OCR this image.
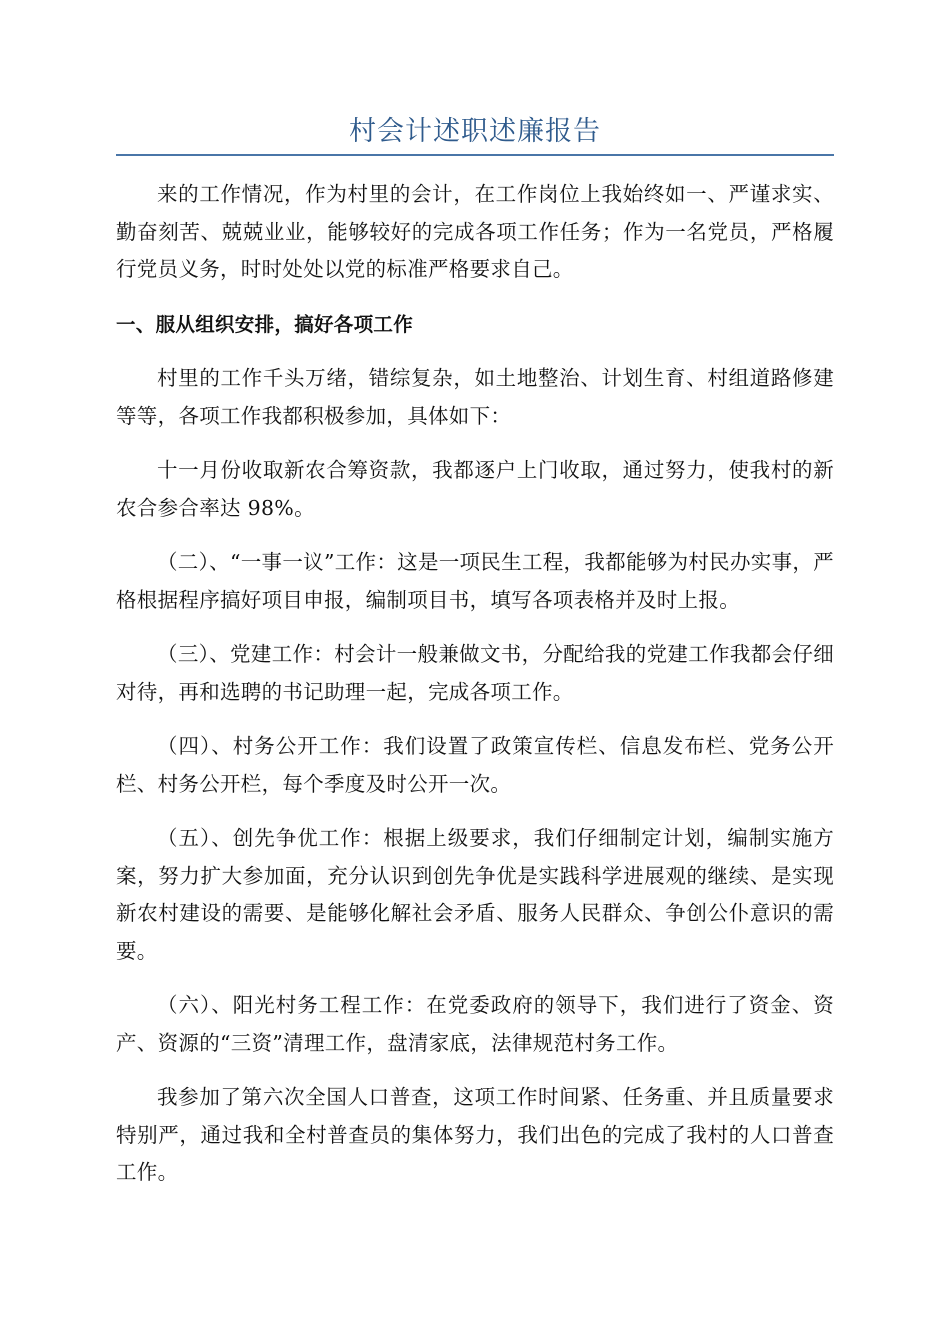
村会计述职述廉报告

来的工作情况，作为村里的会计，在工作岗位上我始终如一、严谨求实、勤奋刻苦、兢兢业业，能够较好的完成各项工作任务；作为一名党员，严格履行党员义务，时时处处以党的标准严格要求自己。

一、服从组织安排，搞好各项工作

村里的工作千头万绪，错综复杂，如土地整治、计划生育、村组道路修建等等，各项工作我都积极参加，具体如下：

十一月份收取新农合筹资款，我都逐户上门收取，通过努力，使我村的新农合参合率达 98%。

（二）、“一事一议”工作：这是一项民生工程，我都能够为村民办实事，严格根据程序搞好项目申报，编制项目书，填写各项表格并及时上报。

（三）、党建工作：村会计一般兼做文书，分配给我的党建工作我都会仔细对待，再和选聘的书记助理一起，完成各项工作。

（四）、村务公开工作：我们设置了政策宣传栏、信息发布栏、党务公开栏、村务公开栏，每个季度及时公开一次。

（五）、创先争优工作：根据上级要求，我们仔细制定计划，编制实施方案，努力扩大参加面，充分认识到创先争优是实践科学进展观的继续、是实现新农村建设的需要、是能够化解社会矛盾、服务人民群众、争创公仆意识的需要。

（六）、阳光村务工程工作：在党委政府的领导下，我们进行了资金、资产、资源的“三资”清理工作，盘清家底，法律规范村务工作。

我参加了第六次全国人口普查，这项工作时间紧、任务重、并且质量要求特别严，通过我和全村普查员的集体努力，我们出色的完成了我村的人口普查工作。
